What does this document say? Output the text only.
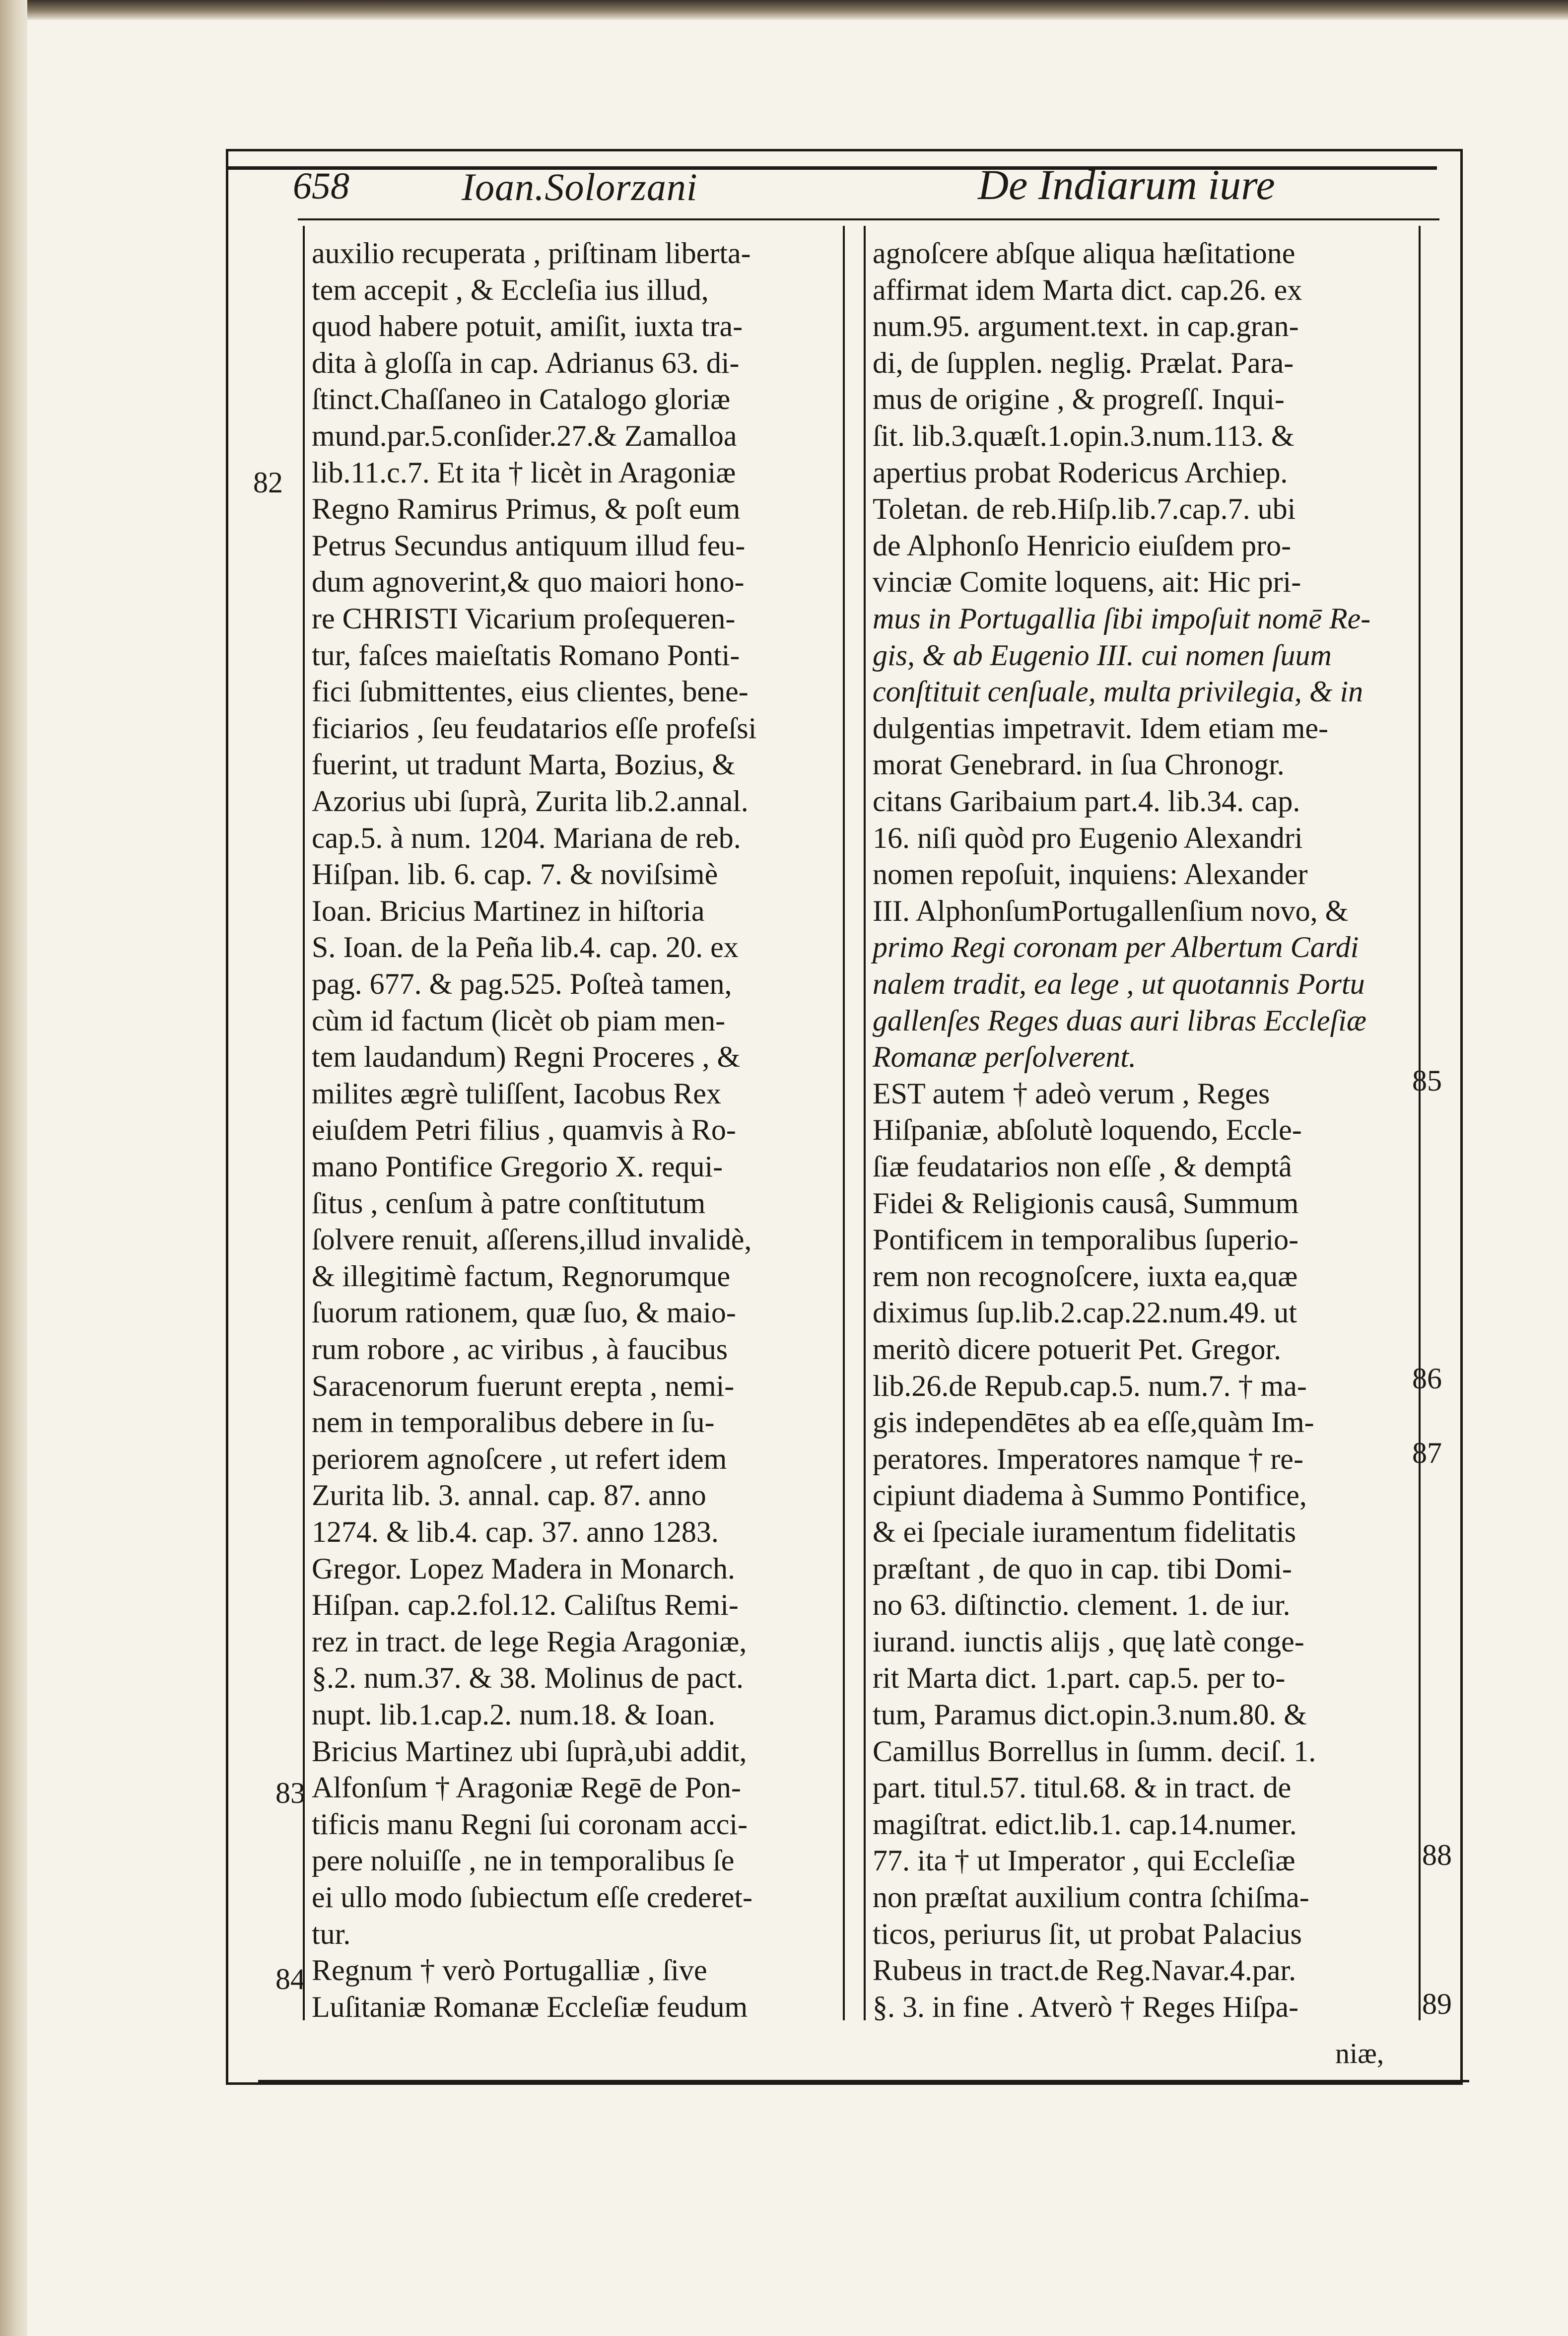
658	Ioan.Solorzani	De Indiarum iure
auxilio recuperata , priſtinam liberta-
tem accepit , & Eccleſia ius illud,
quod habere potuit, amiſit, iuxta tra-
dita à gloſſa in cap. Adrianus 63. di-
ſtinct.Chaſſaneo in Catalogo gloriæ
mund.par.5.conſider.27.& Zamalloa
lib.11.c.7. Et ita † licèt in Aragoniæ
Regno Ramirus Primus, & poſt eum
Petrus Secundus antiquum illud feu-
dum agnoverint,& quo maiori hono-
re CHRISTI Vicarium proſequeren-
tur, faſces maieſtatis Romano Ponti-
fici ſubmittentes, eius clientes, bene-
ficiarios , ſeu feudatarios eſſe profeſsi
fuerint, ut tradunt Marta, Bozius, &
Azorius ubi ſuprà, Zurita lib.2.annal.
cap.5. à num. 1204. Mariana de reb.
Hiſpan. lib. 6. cap. 7. & noviſsimè
Ioan. Bricius Martinez in hiſtoria
S. Ioan. de la Peña lib.4. cap. 20. ex
pag. 677. & pag.525. Poſteà tamen,
cùm id factum (licèt ob piam men-
tem laudandum) Regni Proceres , &
milites ægrè tuliſſent, Iacobus Rex
eiuſdem Petri filius , quamvis à Ro-
mano Pontifice Gregorio X. requi-
ſitus , cenſum à patre conſtitutum
ſolvere renuit, aſſerens,illud invalidè,
& illegitimè factum, Regnorumque
ſuorum rationem, quæ ſuo, & maio-
rum robore , ac viribus , à faucibus
Saracenorum fuerunt erepta , nemi-
nem in temporalibus debere in ſu-
periorem agnoſcere , ut refert idem
Zurita lib. 3. annal. cap. 87. anno
1274. & lib.4. cap. 37. anno 1283.
Gregor. Lopez Madera in Monarch.
Hiſpan. cap.2.fol.12. Caliſtus Remi-
rez in tract. de lege Regia Aragoniæ,
§.2. num.37. & 38. Molinus de pact.
nupt. lib.1.cap.2. num.18. & Ioan.
Bricius Martinez ubi ſuprà,ubi addit,
Alfonſum † Aragoniæ Regē de Pon-
tificis manu Regni ſui coronam acci-
pere noluiſſe , ne in temporalibus ſe
ei ullo modo ſubiectum eſſe crederet-
tur.
Regnum † verò Portugalliæ , ſive
Luſitaniæ Romanæ Eccleſiæ feudum
agnoſcere abſque aliqua hæſitatione
affirmat idem Marta dict. cap.26. ex
num.95. argument.text. in cap.gran-
di, de ſupplen. neglig. Prælat. Para-
mus de origine , & progreſſ. Inqui-
ſit. lib.3.quæſt.1.opin.3.num.113. &
apertius probat Rodericus Archiep.
Toletan. de reb.Hiſp.lib.7.cap.7. ubi
de Alphonſo Henricio eiuſdem pro-
vinciæ Comite loquens, ait: Hic pri-
mus in Portugallia ſibi impoſuit nomē Re-
gis, & ab Eugenio III. cui nomen ſuum
conſtituit cenſuale, multa privilegia, & in
dulgentias impetravit. Idem etiam me-
morat Genebrard. in ſua Chronogr.
citans Garibaium part.4. lib.34. cap.
16. niſi quòd pro Eugenio Alexandri
nomen repoſuit, inquiens: Alexander
III. AlphonſumPortugallenſium novo, &
primo Regi coronam per Albertum Cardi
nalem tradit, ea lege , ut quotannis Portu
gallenſes Reges duas auri libras Eccleſiæ
Romanæ perſolverent.
EST autem † adeò verum , Reges
Hiſpaniæ, abſolutè loquendo, Eccle-
ſiæ feudatarios non eſſe , & demptâ
Fidei & Religionis causâ, Summum
Pontificem in temporalibus ſuperio-
rem non recognoſcere, iuxta ea,quæ
diximus ſup.lib.2.cap.22.num.49. ut
meritò dicere potuerit Pet. Gregor.
lib.26.de Repub.cap.5. num.7. † ma-
gis independētes ab ea eſſe,quàm Im-
peratores. Imperatores namque † re-
cipiunt diadema à Summo Pontifice,
& ei ſpeciale iuramentum fidelitatis
præſtant , de quo in cap. tibi Domi-
no 63. diſtinctio. clement. 1. de iur.
iurand. iunctis alijs , quę latè conge-
rit Marta dict. 1.part. cap.5. per to-
tum, Paramus dict.opin.3.num.80. &
Camillus Borrellus in ſumm. deciſ. 1.
part. titul.57. titul.68. & in tract. de
magiſtrat. edict.lib.1. cap.14.numer.
77. ita † ut Imperator , qui Eccleſiæ
non præſtat auxilium contra ſchiſma-
ticos, periurus ſit, ut probat Palacius
Rubeus in tract.de Reg.Navar.4.par.
§. 3. in fine . Atverò † Reges Hiſpa-
82
83
84
85
86
87
88
89
niæ,
